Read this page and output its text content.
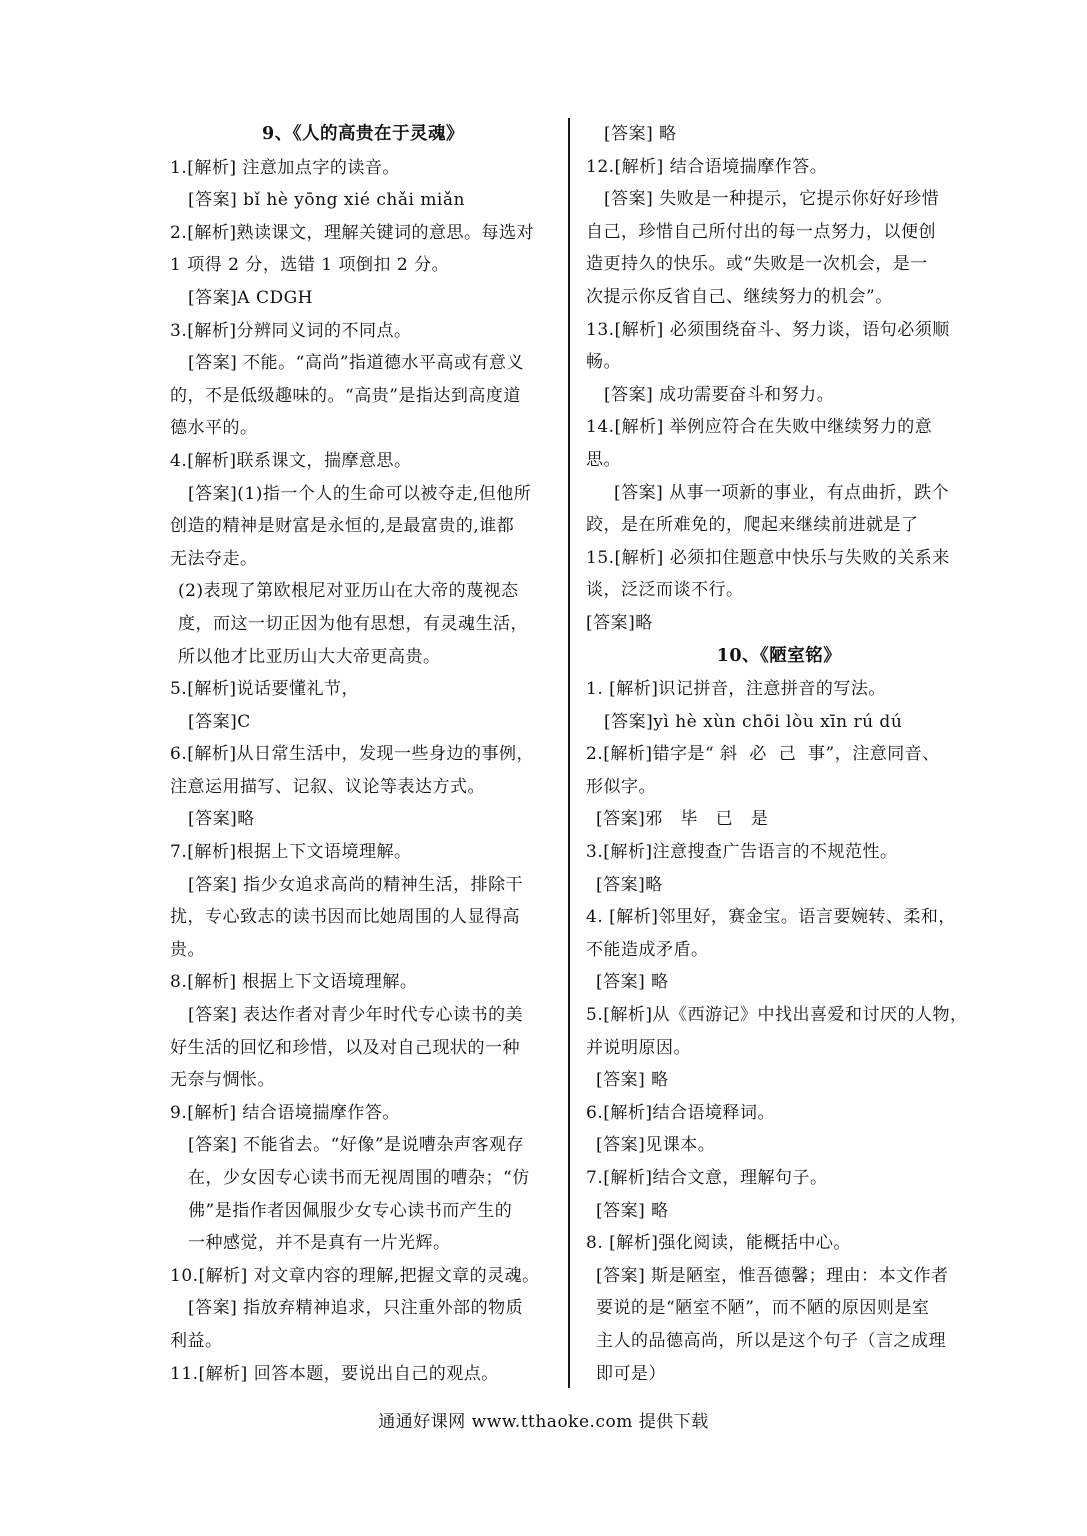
9、《人的高贵在于灵魂》
1.[解析] 注意加点字的读音。
[答案] bǐ hè yōng xié chǎi miǎn
2.[解析]熟读课文，理解关键词的意思。每选对
1 项得 2 分，选错 1 项倒扣 2 分。
[答案]A CDGH
3.[解析]分辨同义词的不同点。
[答案] 不能。“高尚”指道德水平高或有意义
的，不是低级趣味的。“高贵”是指达到高度道
德水平的。
4.[解析]联系课文，揣摩意思。
[答案](1)指一个人的生命可以被夺走,但他所
创造的精神是财富是永恒的,是最富贵的,谁都
无法夺走。
(2)表现了第欧根尼对亚历山在大帝的蔑视态
度，而这一切正因为他有思想，有灵魂生活，
所以他才比亚历山大大帝更高贵。
5.[解析]说话要懂礼节，
[答案]C
6.[解析]从日常生活中，发现一些身边的事例，
注意运用描写、记叙、议论等表达方式。
[答案]略
7.[解析]根据上下文语境理解。
[答案] 指少女追求高尚的精神生活，排除干
扰，专心致志的读书因而比她周围的人显得高
贵。
8.[解析] 根据上下文语境理解。
[答案] 表达作者对青少年时代专心读书的美
好生活的回忆和珍惜，以及对自己现状的一种
无奈与惆怅。
9.[解析] 结合语境揣摩作答。
[答案] 不能省去。“好像”是说嘈杂声客观存
在，少女因专心读书而无视周围的嘈杂；“仿
佛”是指作者因佩服少女专心读书而产生的
一种感觉，并不是真有一片光辉。
10.[解析] 对文章内容的理解,把握文章的灵魂。
[答案] 指放弃精神追求，只注重外部的物质
利益。
11.[解析] 回答本题，要说出自己的观点。
[答案] 略
12.[解析] 结合语境揣摩作答。
[答案] 失败是一种提示，它提示你好好珍惜
自己，珍惜自己所付出的每一点努力，以便创
造更持久的快乐。或“失败是一次机会，是一
次提示你反省自己、继续努力的机会”。
13.[解析] 必须围绕奋斗、努力谈，语句必须顺
畅。
[答案] 成功需要奋斗和努力。
14.[解析] 举例应符合在失败中继续努力的意
思。
[答案] 从事一项新的事业，有点曲折，跌个
跤，是在所难免的，爬起来继续前进就是了
15.[解析] 必须扣住题意中快乐与失败的关系来
谈，泛泛而谈不行。
[答案]略
10、《陋室铭》
1. [解析]识记拼音，注意拼音的写法。
[答案]yì hè xùn chōi lòu xīn rú dú
2.[解析]错字是“ 斜  必  己  事”，注意同音、
形似字。
[答案]邪   毕   已   是
3.[解析]注意搜查广告语言的不规范性。
[答案]略
4. [解析]邻里好，赛金宝。语言要婉转、柔和，
不能造成矛盾。
[答案] 略
5.[解析]从《西游记》中找出喜爱和讨厌的人物，
并说明原因。
[答案] 略
6.[解析]结合语境释词。
[答案]见课本。
7.[解析]结合文意，理解句子。
[答案] 略
8. [解析]强化阅读，能概括中心。
[答案] 斯是陋室，惟吾德馨；理由：本文作者
要说的是“陋室不陋”，而不陋的原因则是室
主人的品德高尚，所以是这个句子（言之成理
即可是）
通通好课网 www.tthaoke.com 提供下载
